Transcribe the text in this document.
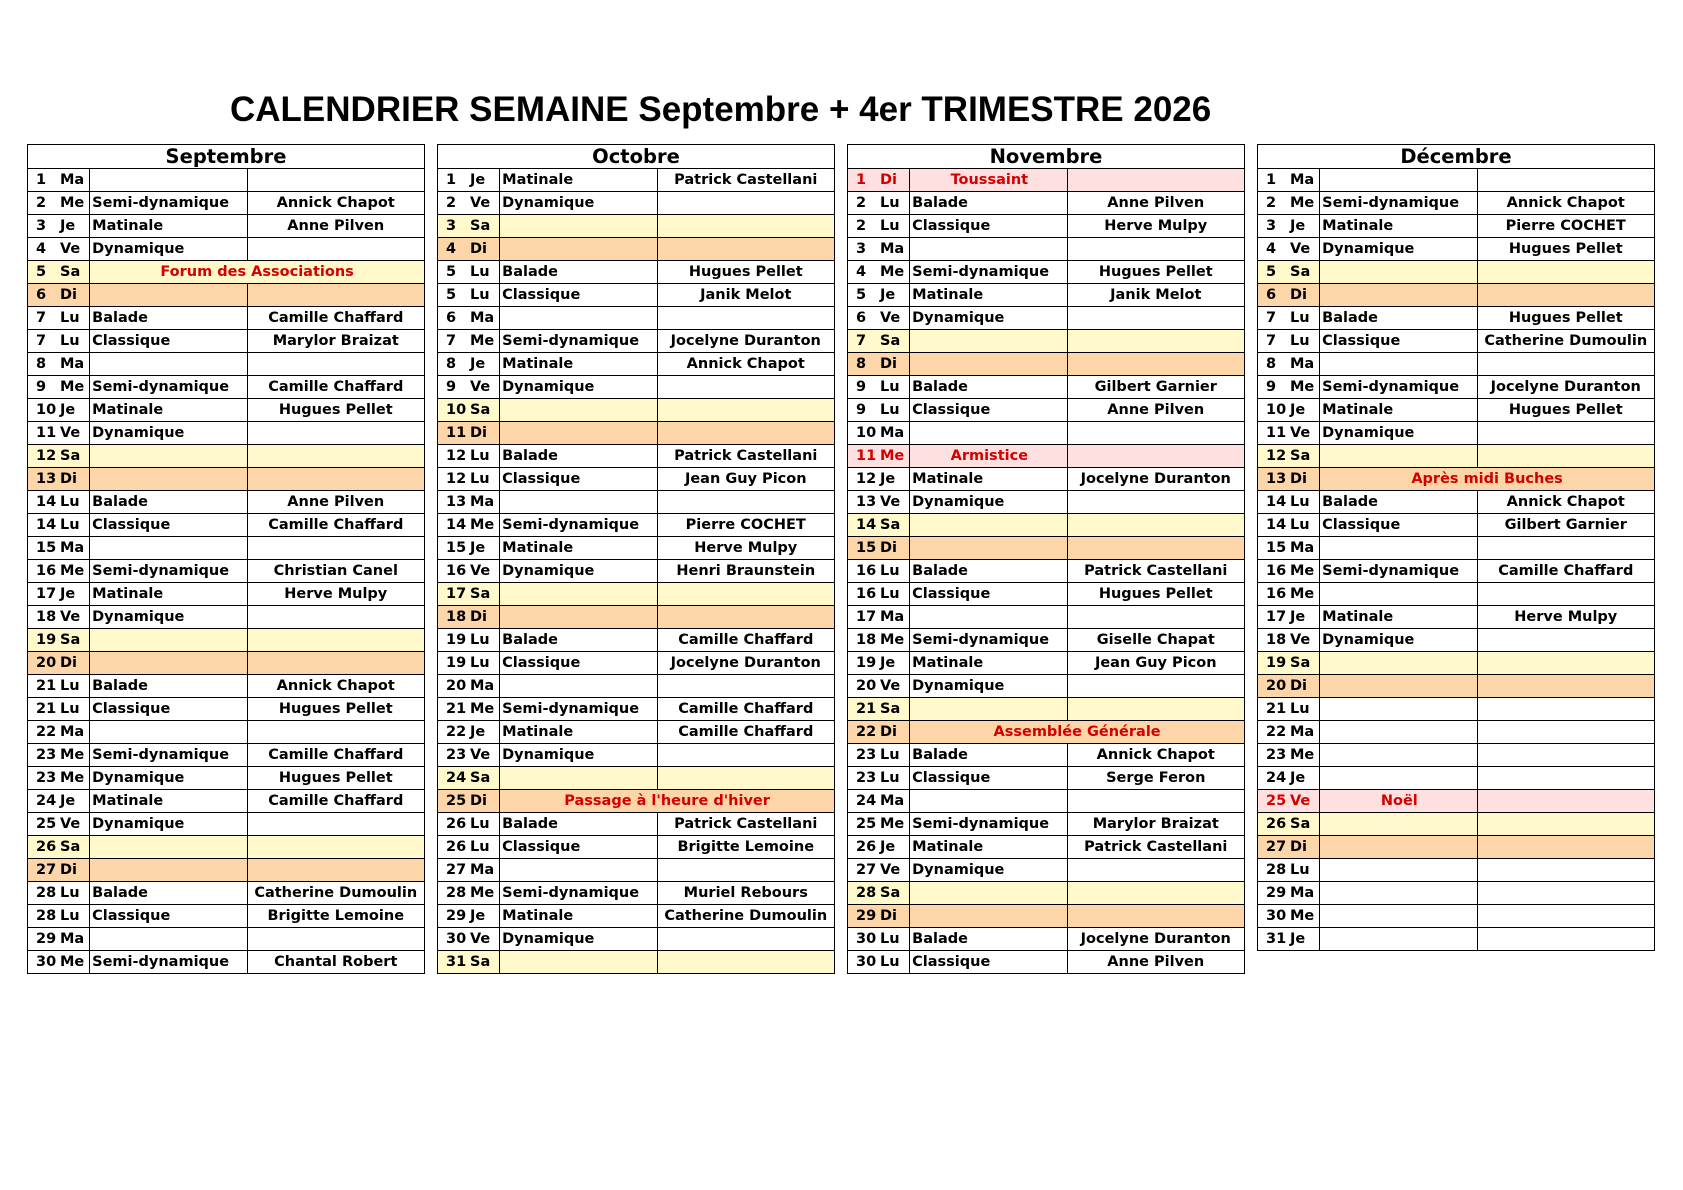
CALENDRIER SEMAINE Septembre + 4er TRIMESTRE 2026
Septembre		
1 Ma		
2 Me	Semi-dynamique	Annick Chapot
3 Je	Matinale	Anne Pilven
4 Ve	Dynamique	
5 Sa	Forum des Associations	
6 Di		
7 Lu	Balade	Camille Chaffard
7 Lu	Classique	Marylor Braizat
8 Ma		
9 Me	Semi-dynamique	Camille Chaffard
10 Je	Matinale	Hugues Pellet
11 Ve	Dynamique	
12 Sa		
13 Di		
14 Lu	Balade	Anne Pilven
14 Lu	Classique	Camille Chaffard
15 Ma		
16 Me	Semi-dynamique	Christian Canel
17 Je	Matinale	Herve Mulpy
18 Ve	Dynamique	
19 Sa		
20 Di		
21 Lu	Balade	Annick Chapot
21 Lu	Classique	Hugues Pellet
22 Ma		
23 Me	Semi-dynamique	Camille Chaffard
23 Me	Dynamique	Hugues Pellet
24 Je	Matinale	Camille Chaffard
25 Ve	Dynamique	
26 Sa		
27 Di		
28 Lu	Balade	Catherine Dumoulin
28 Lu	Classique	Brigitte Lemoine
29 Ma		
30 Me	Semi-dynamique	Chantal Robert
Octobre		
1 Je	Matinale	Patrick Castellani
2 Ve	Dynamique	
3 Sa		
4 Di		
5 Lu	Balade	Hugues Pellet
5 Lu	Classique	Janik Melot
6 Ma		
7 Me	Semi-dynamique	Jocelyne Duranton
8 Je	Matinale	Annick Chapot
9 Ve	Dynamique	
10 Sa		
11 Di		
12 Lu	Balade	Patrick Castellani
12 Lu	Classique	Jean Guy Picon
13 Ma		
14 Me	Semi-dynamique	Pierre COCHET
15 Je	Matinale	Herve Mulpy
16 Ve	Dynamique	Henri Braunstein
17 Sa		
18 Di		
19 Lu	Balade	Camille Chaffard
19 Lu	Classique	Jocelyne Duranton
20 Ma		
21 Me	Semi-dynamique	Camille Chaffard
22 Je	Matinale	Camille Chaffard
23 Ve	Dynamique	
24 Sa		
25 Di	Passage à l'heure d'hiver	
26 Lu	Balade	Patrick Castellani
26 Lu	Classique	Brigitte Lemoine
27 Ma		
28 Me	Semi-dynamique	Muriel Rebours
29 Je	Matinale	Catherine Dumoulin
30 Ve	Dynamique	
31 Sa		
Novembre		
1 Di	Toussaint	
2 Lu	Balade	Anne Pilven
2 Lu	Classique	Herve Mulpy
3 Ma		
4 Me	Semi-dynamique	Hugues Pellet
5 Je	Matinale	Janik Melot
6 Ve	Dynamique	
7 Sa		
8 Di		
9 Lu	Balade	Gilbert Garnier
9 Lu	Classique	Anne Pilven
10 Ma		
11 Me	Armistice	
12 Je	Matinale	Jocelyne Duranton
13 Ve	Dynamique	
14 Sa		
15 Di		
16 Lu	Balade	Patrick Castellani
16 Lu	Classique	Hugues Pellet
17 Ma		
18 Me	Semi-dynamique	Giselle Chapat
19 Je	Matinale	Jean Guy Picon
20 Ve	Dynamique	
21 Sa		
22 Di	Assemblée Générale	
23 Lu	Balade	Annick Chapot
23 Lu	Classique	Serge Feron
24 Ma		
25 Me	Semi-dynamique	Marylor Braizat
26 Je	Matinale	Patrick Castellani
27 Ve	Dynamique	
28 Sa		
29 Di		
30 Lu	Balade	Jocelyne Duranton
30 Lu	Classique	Anne Pilven
Décembre		
1 Ma		
2 Me	Semi-dynamique	Annick Chapot
3 Je	Matinale	Pierre COCHET
4 Ve	Dynamique	Hugues Pellet
5 Sa		
6 Di		
7 Lu	Balade	Hugues Pellet
7 Lu	Classique	Catherine Dumoulin
8 Ma		
9 Me	Semi-dynamique	Jocelyne Duranton
10 Je	Matinale	Hugues Pellet
11 Ve	Dynamique	
12 Sa		
13 Di	Après midi Buches	
14 Lu	Balade	Annick Chapot
14 Lu	Classique	Gilbert Garnier
15 Ma		
16 Me	Semi-dynamique	Camille Chaffard
16 Me		
17 Je	Matinale	Herve Mulpy
18 Ve	Dynamique	
19 Sa		
20 Di		
21 Lu		
22 Ma		
23 Me		
24 Je		
25 Ve	Noël	
26 Sa		
27 Di		
28 Lu		
29 Ma		
30 Me		
31 Je		
